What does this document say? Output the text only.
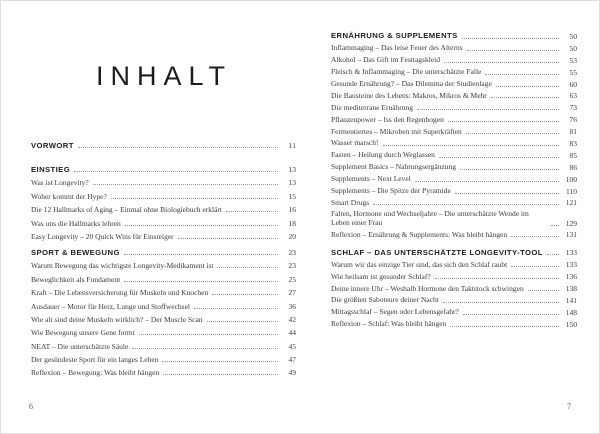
INHALT
VORWORT	11
EINSTIEG	13
Was ist Longevity?	13
Woher kommt der Hype?	15
Die 12 Hallmarks of Aging – Einmal ohne Biologiebuch erklärt	16
Was uns die Hallmarks lehren	18
Easy Longevity – 20 Quick Wins für Einsteiger	20
SPORT & BEWEGUNG	23
Warum Bewegung das wichtigste Longevity-Medikament ist	23
Beweglichkeit als Fundament	25
Kraft – Die Lebensversicherung für Muskeln und Knochen	27
Ausdauer – Motor für Herz, Lunge und Stoffwechsel	36
Wie alt sind deine Muskeln wirklich? – Der Muscle Scan	42
Wie Bewegung unsere Gene formt	44
NEAT – Die unterschätzte Säule	45
Der gesündeste Sport für ein langes Leben	47
Reflexion – Bewegung: Was bleibt hängen	49
ERNÄHRUNG & SUPPLEMENTS	50
Inflammaging – Das leise Feuer des Alterns	50
Alkohol – Das Gift im Festtagskleid	53
Fleisch & Inflammaging – Die unterschätzte Falle	55
Gesunde Ernährung? – Das Dilemma der Studienlage	60
Die Bausteine des Lebens: Makros, Mikros & Mehr	63
Die mediterrane Ernährung	73
Pflanzenpower – Iss den Regenbogen	76
Fermentiertes – Mikroben mit Superkräften	81
Wasser marsch!	83
Fasten – Heilung durch Weglassen	85
Supplement Basics – Nahrungsergänzung	86
Supplements – Next Level	100
Supplements – Die Spitze der Pyramide	110
Smart Drugs	121
Falten, Hormone und Wechseljahre – Die unterschätzte Wende im Leben einer Frau	129
Reflexion – Ernährung & Supplements: Was bleibt hängen	131
SCHLAF – DAS UNTERSCHÄTZTE LONGEVITY-TOOL	133
Warum wir das einzige Tier sind, das sich den Schlaf raubt	133
Wie heilsam ist gesunder Schlaf?	136
Deine innere Uhr – Weshalb Hormone den Taktstock schwingen	138
Die größten Saboteure deiner Nacht	141
Mittagsschlaf – Segen oder Lebensgefahr?	148
Reflexion – Schlaf: Was bleibt hängen	150
6	7
